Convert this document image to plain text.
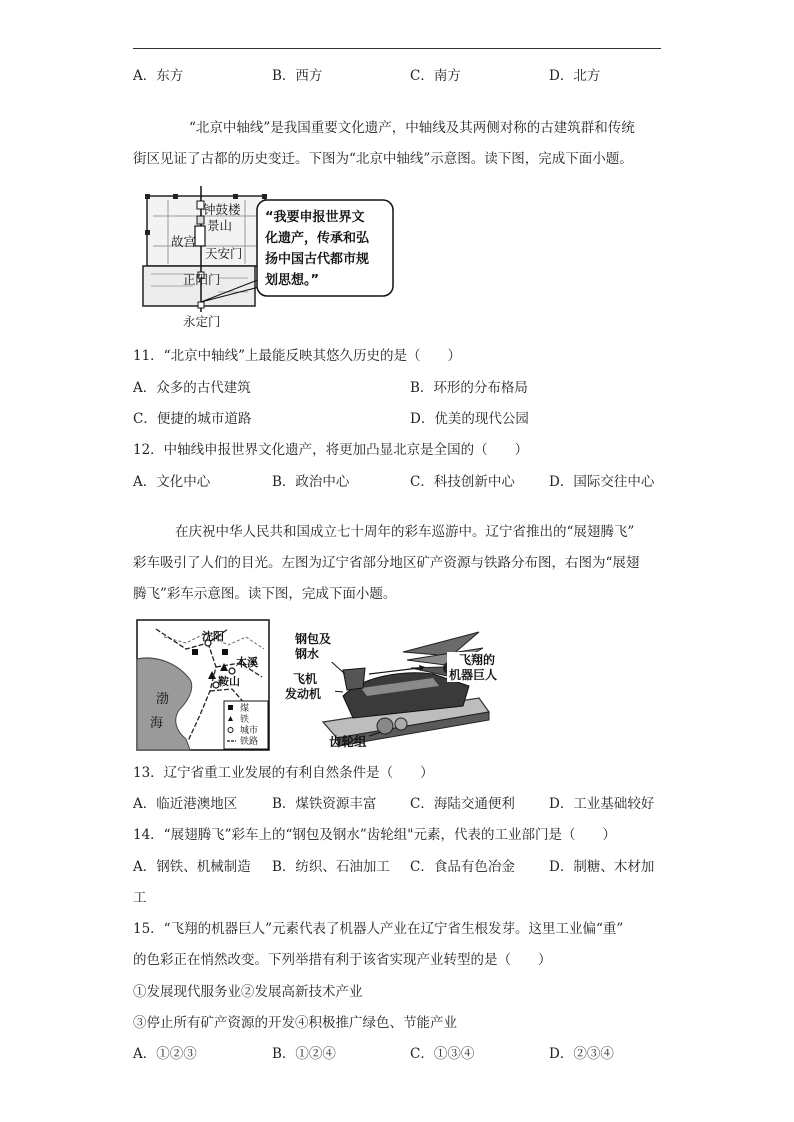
A．东方	B．西方	C．南方	D．北方
“北京中轴线”是我国重要文化遗产，中轴线及其两侧对称的古建筑群和传统
街区见证了古都的历史变迁。下图为“北京中轴线”示意图。读下图，完成下面小题。
钟鼓楼
景山
故宫
天安门
正阳门
永定门
“我要申报世界文
化遗产，传承和弘
扬中国古代都市规
划思想。”
11．“北京中轴线”上最能反映其悠久历史的是（　　）
A．众多的古代建筑	B．环形的分布格局
C．便捷的城市道路	D．优美的现代公园
12．中轴线申报世界文化遗产，将更加凸显北京是全国的（　　）
A．文化中心	B．政治中心	C．科技创新中心	D．国际交往中心
在庆祝中华人民共和国成立七十周年的彩车巡游中。辽宁省推出的“展翅腾飞”
彩车吸引了人们的目光。左图为辽宁省部分地区矿产资源与铁路分布图，右图为“展翅
腾飞”彩车示意图。读下图，完成下面小题。
沈阳
本溪
鞍山
渤
海
煤
铁
城市
铁路
钢包及
钢水
飞机
发动机
飞翔的
机器巨人
齿轮组
13．辽宁省重工业发展的有利自然条件是（　　）
A．临近港澳地区	B．煤铁资源丰富 C．海陆交通便利	D．工业基础较好
14．“展翅腾飞”彩车上的“钢包及钢水”齿轮组"元素，代表的工业部门是（　　）
A．钢铁、机械制造 B．纺织、石油加工 C．食品有色冶金	D．制糖、木材加
工
15．“飞翔的机器巨人”元素代表了机器人产业在辽宁省生根发芽。这里工业偏“重”
的色彩正在悄然改变。下列举措有利于该省实现产业转型的是（　　）
①发展现代服务业②发展高新技术产业
③停止所有矿产资源的开发④积极推广绿色、节能产业
A．①②③	B．①②④	C．①③④	D．②③④
